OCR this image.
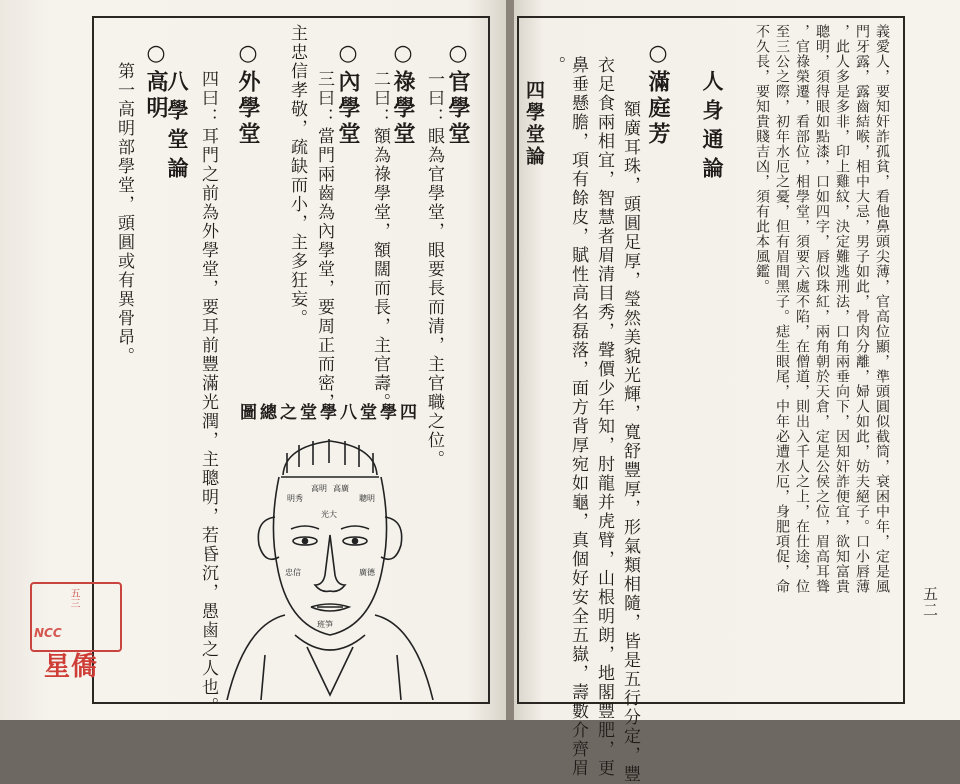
○官學堂
一曰：眼為官學堂，眼要長而清，主官職之位。
○祿學堂
二曰：額為祿學堂，額闊而長，主官壽。
○內學堂
三曰：當門兩齒為內學堂，要周正而密，
主忠信孝敬，疏缺而小，主多狂妄。
○外學堂
四曰：耳門之前為外學堂，要耳前豐滿光潤，主聰明，若昏沉，愚鹵之人也。
八學堂論
○高明
第一高明部學堂，頭圓或有異骨昂。
四學堂八學堂之總圖
高明 高廣
光大
明秀	聰明
忠信	廣德
班笋
義愛人，要知奸詐孤貧，看他鼻頭尖薄，官高位顯，準頭圓似截筒，衰困中年，定是風
門牙露，露齒結喉，相中大忌，男子如此，骨肉分離，婦人如此，妨夫絕子。口小唇薄
，此人多是多非，印上雞紋，決定難逃刑法，口角兩垂向下，因知奸詐便宜，欲知富貴
聰明，須得眼如點漆，口如四字，唇似珠紅，兩角朝於天倉，定是公侯之位，眉高耳聳
，官祿榮遷，看部位，相學堂，須要六處不陷，在僧道，則出入千人之上，在仕途，位
至三公之際，初年水厄之憂，但有眉間黑子。痣生眼尾，中年必遭水厄，身肥項促，命
不久長，要知貴賤吉凶，須有此本風鑑。
人身通論
○滿庭芳
額廣耳珠，頭圓足厚，瑩然美貌光輝，寬舒豐厚，形氣類相隨，皆是五行分定，豐
衣足食兩相宜，智慧者眉清目秀，聲價少年知，肘龍并虎臂，山根明朗，地閣豐肥，更
鼻垂懸膽，項有餘皮，賦性高名磊落，面方背厚宛如龜，真個好安全五嶽，壽數介齊眉
。
四學堂論
五二
五三
NCC
星僑
